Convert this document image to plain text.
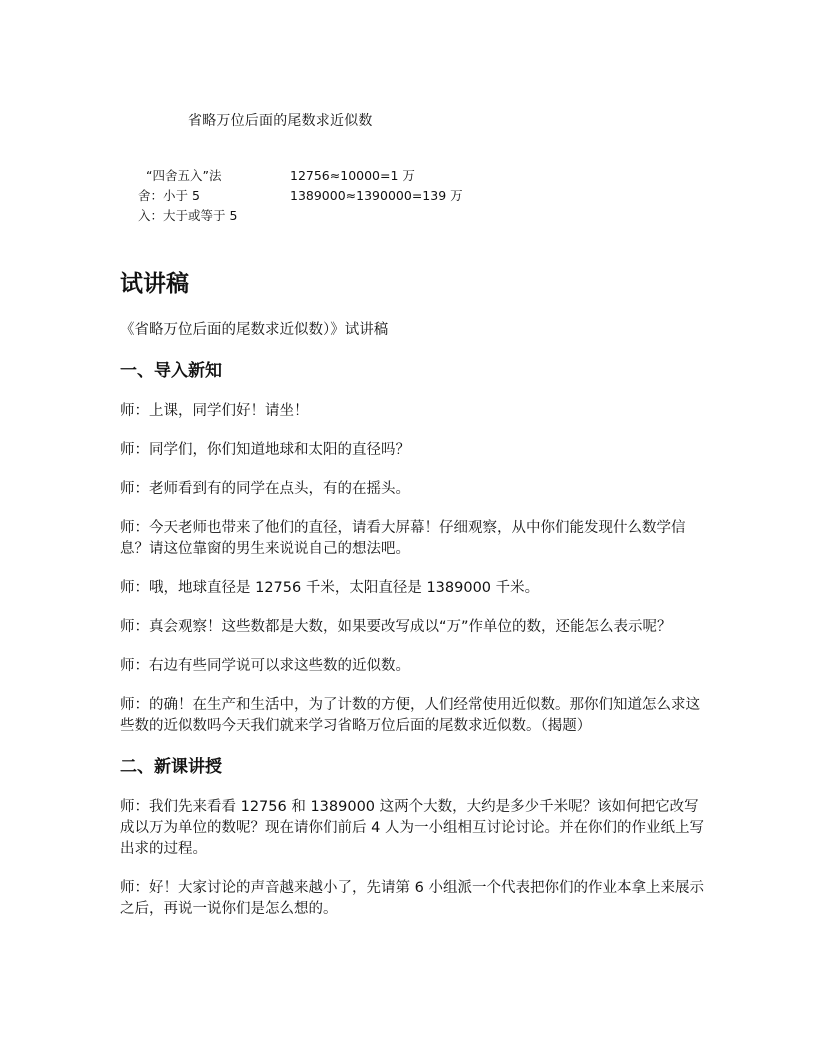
省略万位后面的尾数求近似数
“四舍五入”法
舍：小于 5
入：大于或等于 5
12756≈10000=1 万
1389000≈1390000=139 万
试讲稿

《省略万位后面的尾数求近似数）》试讲稿

一、导入新知

师：上课，同学们好！请坐！

师：同学们，你们知道地球和太阳的直径吗？

师：老师看到有的同学在点头，有的在摇头。

师：今天老师也带来了他们的直径，请看大屏幕！仔细观察，从中你们能发现什么数学信息？请这位靠窗的男生来说说自己的想法吧。

师：哦，地球直径是 12756 千米，太阳直径是 1389000 千米。

师：真会观察！这些数都是大数，如果要改写成以“万”作单位的数，还能怎么表示呢？

师：右边有些同学说可以求这些数的近似数。

师：的确！在生产和生活中，为了计数的方便，人们经常使用近似数。那你们知道怎么求这些数的近似数吗今天我们就来学习省略万位后面的尾数求近似数。（揭题）

二、新课讲授

师：我们先来看看 12756 和 1389000 这两个大数，大约是多少千米呢？该如何把它改写成以万为单位的数呢？现在请你们前后 4 人为一小组相互讨论讨论。并在你们的作业纸上写出求的过程。

师：好！大家讨论的声音越来越小了，先请第 6 小组派一个代表把你们的作业本拿上来展示之后，再说一说你们是怎么想的。
